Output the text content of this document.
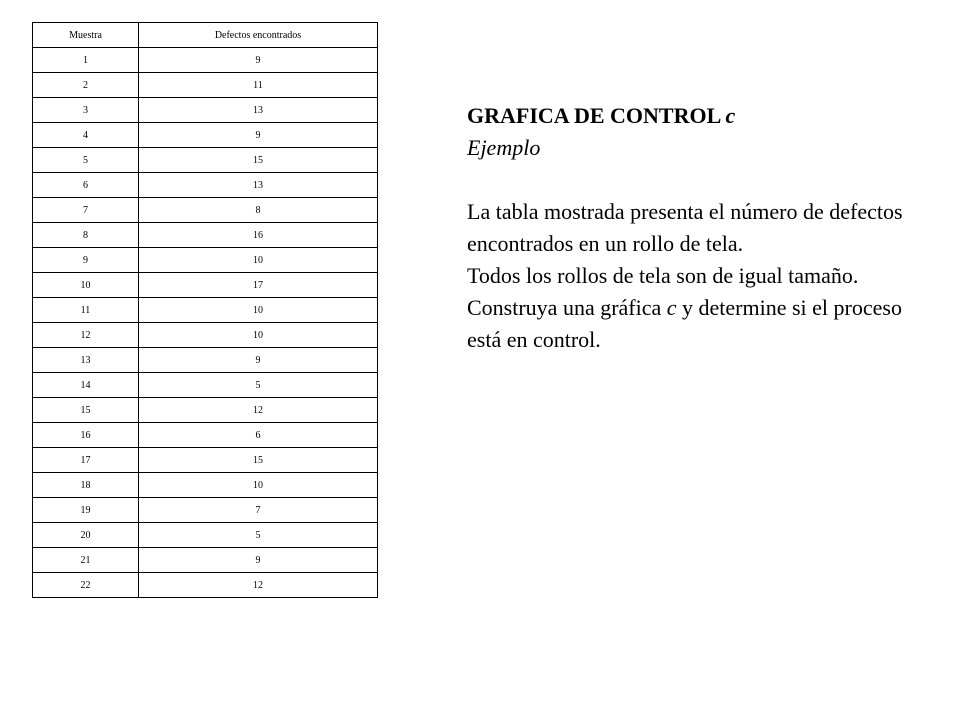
Muestra	Defectos encontrados
1	9
2	11
3	13
4	9
5	15
6	13
7	8
8	16
9	10
10	17
11	10
12	10
13	9
14	5
15	12
16	6
17	15
18	10
19	7
20	5
21	9
22	12

GRAFICA DE CONTROL c

Ejemplo

La tabla mostrada presenta el número de defectos encontrados en un rollo de tela.

Todos los rollos de tela son de igual tamaño.

Construya una gráfica c y determine si el proceso está en control.
